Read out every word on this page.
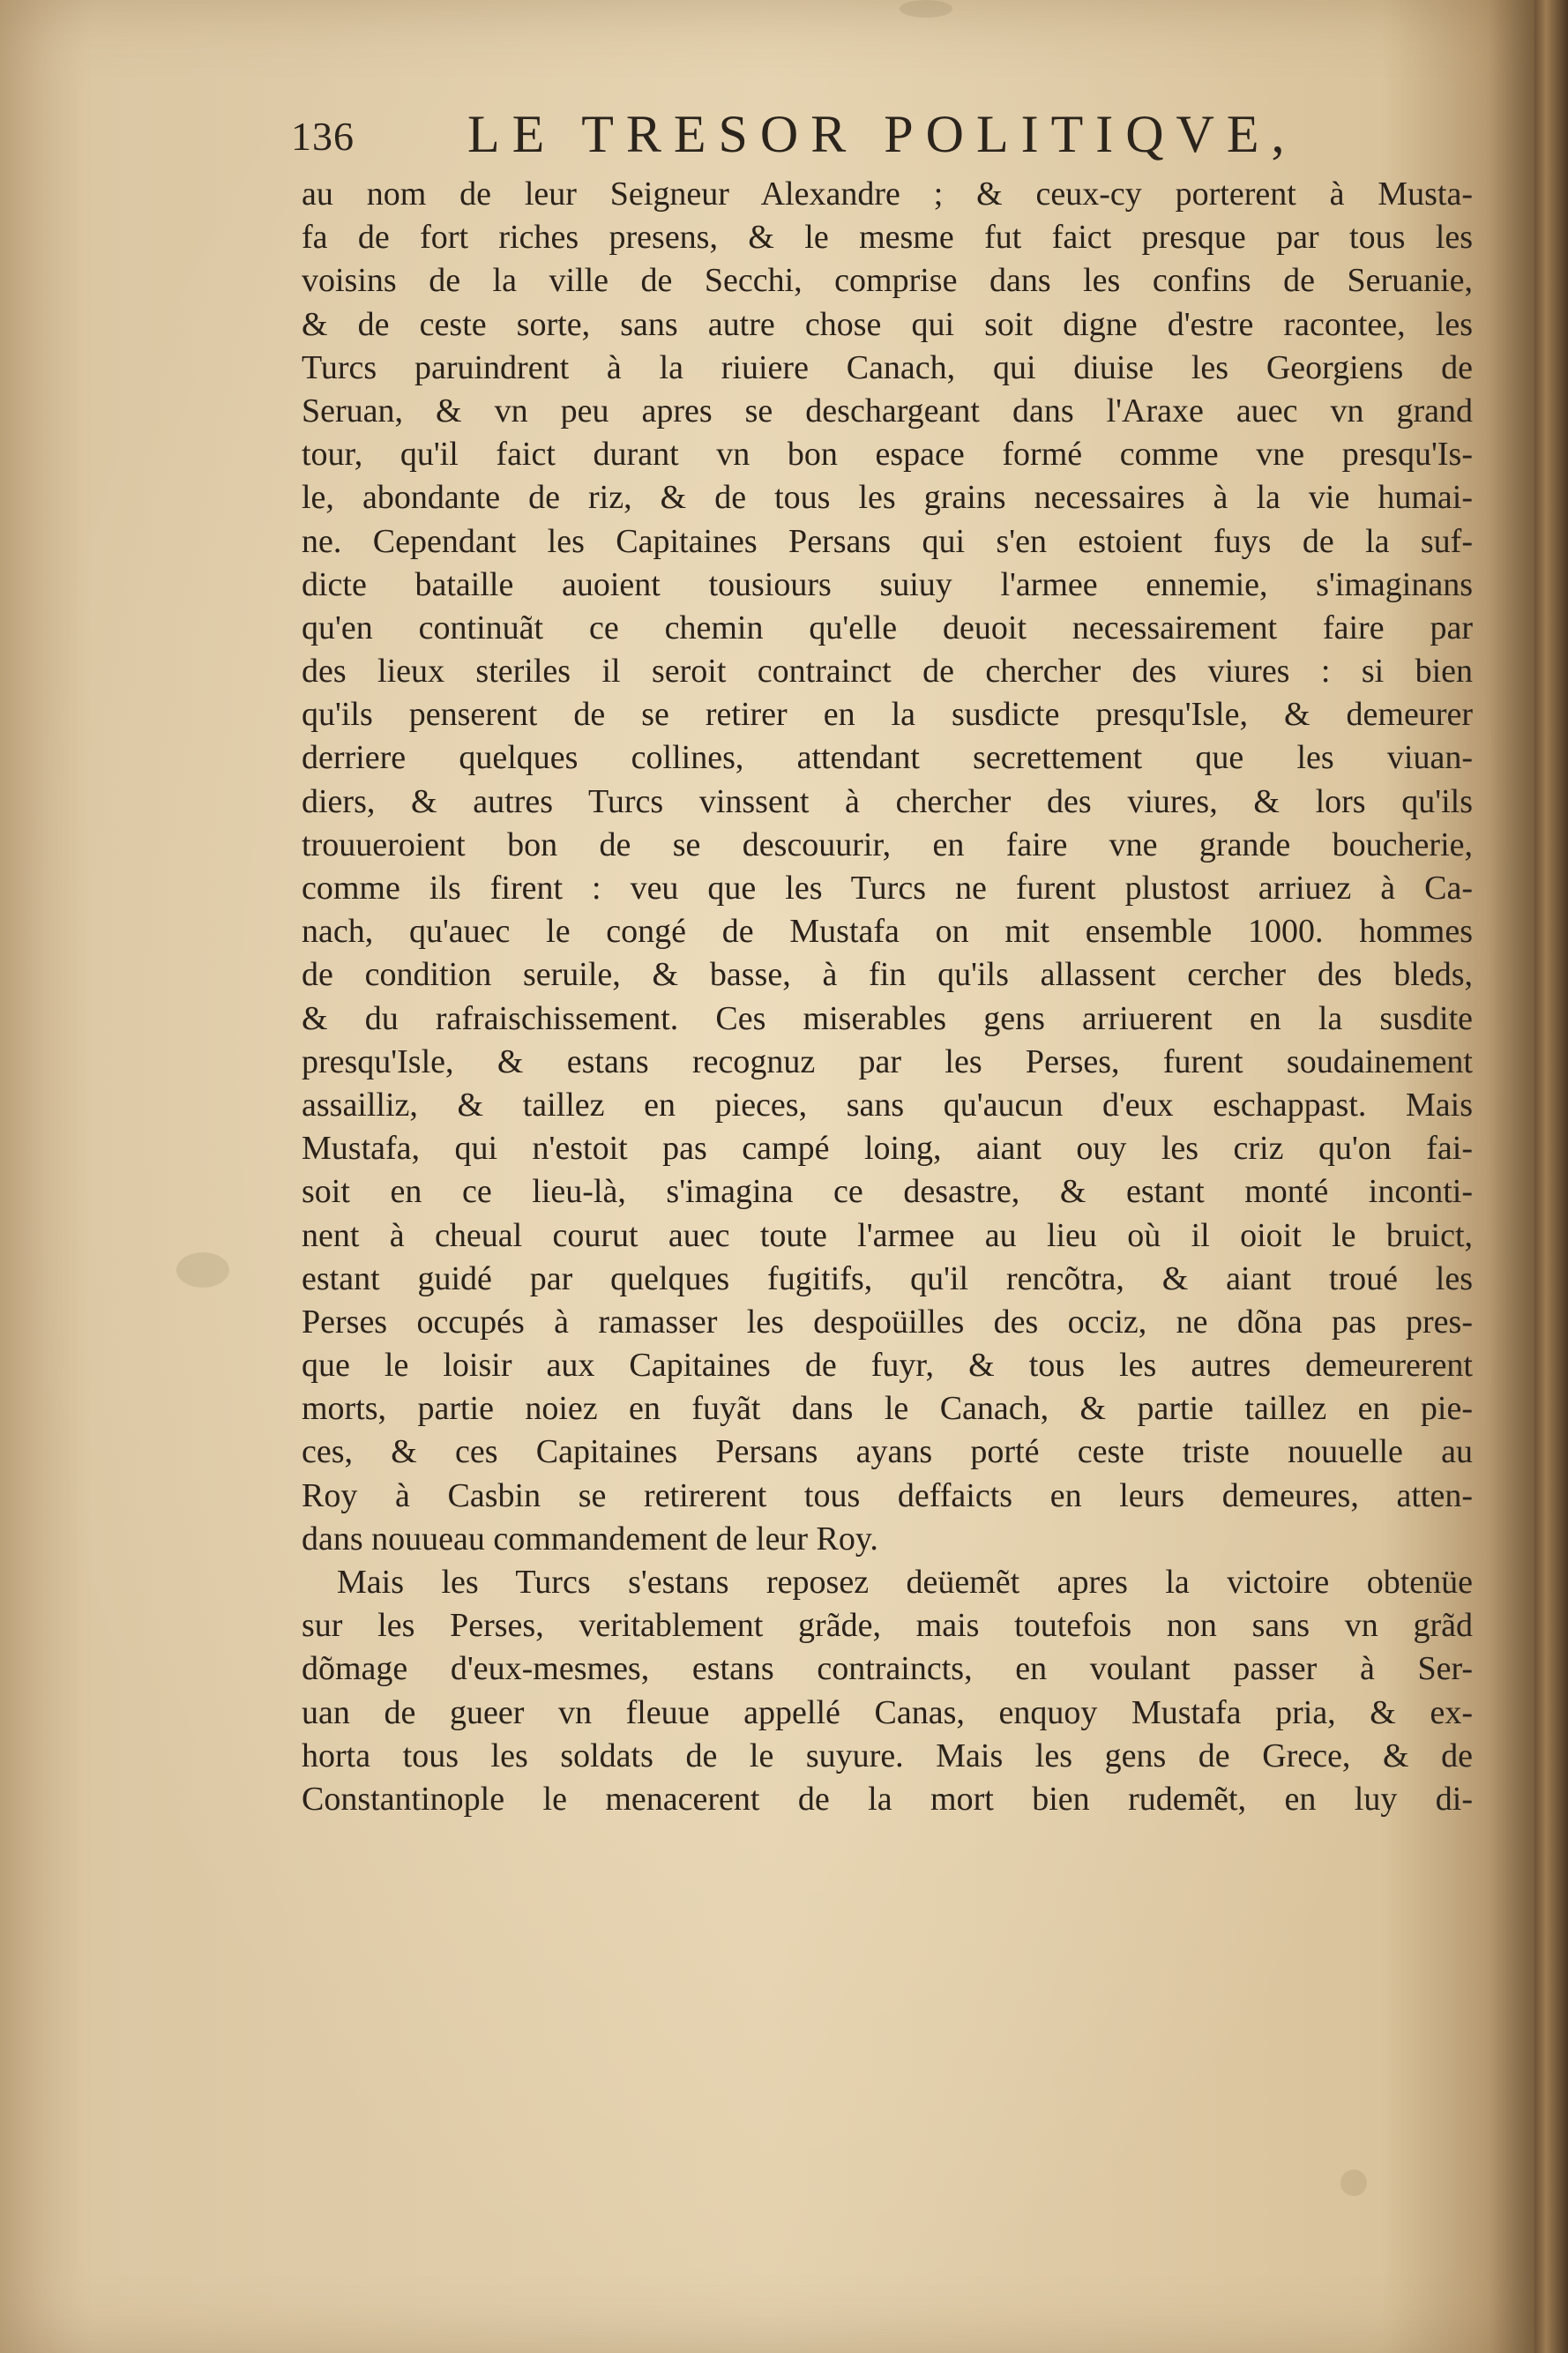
136 LE TRESOR POLITIQVE,
au nom de leur Seigneur Alexandre ; & ceux-cy porterent à Musta-
fa de fort riches presens, & le mesme fut faict presque par tous les
voisins de la ville de Secchi, comprise dans les confins de Seruanie,
& de ceste sorte, sans autre chose qui soit digne d'estre racontee, les
Turcs paruindrent à la riuiere Canach, qui diuise les Georgiens de
Seruan, & vn peu apres se deschargeant dans l'Araxe auec vn grand
tour, qu'il faict durant vn bon espace formé comme vne presqu'Is-
le, abondante de riz, & de tous les grains necessaires à la vie humai-
ne. Cependant les Capitaines Persans qui s'en estoient fuys de la suf-
dicte bataille auoient tousiours suiuy l'armee ennemie, s'imaginans
qu'en continuãt ce chemin qu'elle deuoit necessairement faire par
des lieux steriles il seroit contrainct de chercher des viures : si bien
qu'ils penserent de se retirer en la susdicte presqu'Isle, & demeurer
derriere quelques collines, attendant secrettement que les viuan-
diers, & autres Turcs vinssent à chercher des viures, & lors qu'ils
trouueroient bon de se descouurir, en faire vne grande boucherie,
comme ils firent : veu que les Turcs ne furent plustost arriuez à Ca-
nach, qu'auec le congé de Mustafa on mit ensemble 1000. hommes
de condition seruile, & basse, à fin qu'ils allassent cercher des bleds,
& du rafraischissement. Ces miserables gens arriuerent en la susdite
presqu'Isle, & estans recognuz par les Perses, furent soudainement
assailliz, & taillez en pieces, sans qu'aucun d'eux eschappast. Mais
Mustafa, qui n'estoit pas campé loing, aiant ouy les criz qu'on fai-
soit en ce lieu-là, s'imagina ce desastre, & estant monté inconti-
nent à cheual courut auec toute l'armee au lieu où il oioit le bruict,
estant guidé par quelques fugitifs, qu'il rencõtra, & aiant troué les
Perses occupés à ramasser les despoüilles des occiz, ne dõna pas pres-
que le loisir aux Capitaines de fuyr, & tous les autres demeurerent
morts, partie noiez en fuyãt dans le Canach, & partie taillez en pie-
ces, & ces Capitaines Persans ayans porté ceste triste nouuelle au
Roy à Casbin se retirerent tous deffaicts en leurs demeures, atten-
dans nouueau commandement de leur Roy.
Mais les Turcs s'estans reposez deüemẽt apres la victoire obtenüe
sur les Perses, veritablement grãde, mais toutefois non sans vn grãd
dõmage d'eux-mesmes, estans contraincts, en voulant passer à Ser-
uan de gueer vn fleuue appellé Canas, enquoy Mustafa pria, & ex-
horta tous les soldats de le suyure. Mais les gens de Grece, & de
Constantinople le menacerent de la mort bien rudemẽt, en luy di-
